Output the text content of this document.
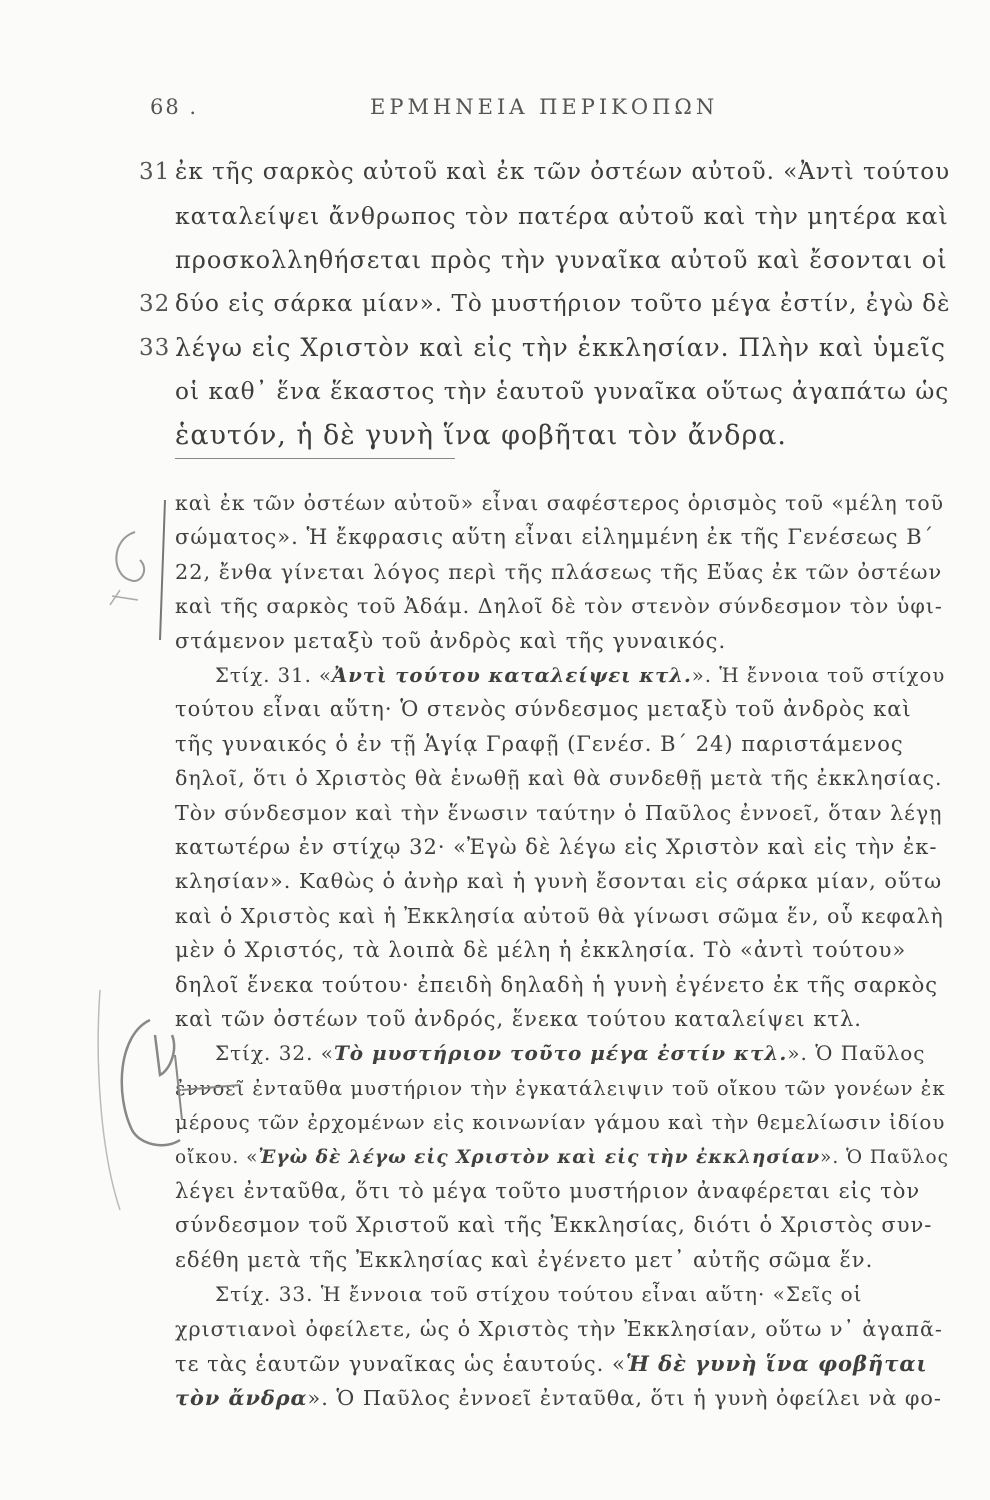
68 .	ΕΡΜΗΝΕΙΑ ΠΕΡΙΚΟΠΩΝ
31 ἐκ τῆς σαρκὸς αὐτοῦ καὶ ἐκ τῶν ὀστέων αὐτοῦ. «Ἀντὶ τούτου
καταλείψει ἄνθρωπος τὸν πατέρα αὐτοῦ καὶ τὴν μητέρα καὶ
προσκολληθήσεται πρὸς τὴν γυναῖκα αὐτοῦ καὶ ἔσονται οἱ
32 δύο εἰς σάρκα μίαν». Τὸ μυστήριον τοῦτο μέγα ἐστίν, ἐγὼ δὲ
33 λέγω εἰς Χριστὸν καὶ εἰς τὴν ἐκκλησίαν. Πλὴν καὶ ὑμεῖς
οἱ καθ᾽ ἕνα ἕκαστος τὴν ἑαυτοῦ γυναῖκα οὕτως ἀγαπάτω ὡς
ἑαυτόν, ἡ δὲ γυνὴ ἵνα φοβῆται τὸν ἄνδρα.
καὶ ἐκ τῶν ὀστέων αὐτοῦ» εἶναι σαφέστερος ὁρισμὸς τοῦ «μέλη τοῦ
σώματος». Ἡ ἔκφρασις αὕτη εἶναι εἰλημμένη ἐκ τῆς Γενέσεως Β´
22, ἔνθα γίνεται λόγος περὶ τῆς πλάσεως τῆς Εὔας ἐκ τῶν ὀστέων
καὶ τῆς σαρκὸς τοῦ Ἀδάμ. Δηλοῖ δὲ τὸν στενὸν σύνδεσμον τὸν ὑφι-
στάμενον μεταξὺ τοῦ ἀνδρὸς καὶ τῆς γυναικός.
Στίχ. 31. «Ἀντὶ τούτου καταλείψει κτλ.». Ἡ ἔννοια τοῦ στίχου
τούτου εἶναι αὕτη· Ὁ στενὸς σύνδεσμος μεταξὺ τοῦ ἀνδρὸς καὶ
τῆς γυναικός ὁ ἐν τῇ Ἁγίᾳ Γραφῇ (Γενέσ. Β´ 24) παριστάμενος
δηλοῖ, ὅτι ὁ Χριστὸς θὰ ἑνωθῇ καὶ θὰ συνδεθῇ μετὰ τῆς ἐκκλησίας.
Τὸν σύνδεσμον καὶ τὴν ἕνωσιν ταύτην ὁ Παῦλος ἐννοεῖ, ὅταν λέγῃ
κατωτέρω ἐν στίχῳ 32· «Ἐγὼ δὲ λέγω εἰς Χριστὸν καὶ εἰς τὴν ἐκ-
κλησίαν». Καθὼς ὁ ἀνὴρ καὶ ἡ γυνὴ ἔσονται εἰς σάρκα μίαν, οὕτω
καὶ ὁ Χριστὸς καὶ ἡ Ἐκκλησία αὐτοῦ θὰ γίνωσι σῶμα ἕν, οὗ κεφαλὴ
μὲν ὁ Χριστός, τὰ λοιπὰ δὲ μέλη ἡ ἐκκλησία. Τὸ «ἀντὶ τούτου»
δηλοῖ ἕνεκα τούτου· ἐπειδὴ δηλαδὴ ἡ γυνὴ ἐγένετο ἐκ τῆς σαρκὸς
καὶ τῶν ὀστέων τοῦ ἀνδρός, ἕνεκα τούτου καταλείψει κτλ.
Στίχ. 32. «Τὸ μυστήριον τοῦτο μέγα ἐστίν κτλ.». Ὁ Παῦλος
ἐννοεῖ ἐνταῦθα μυστήριον τὴν ἐγκατάλειψιν τοῦ οἴκου τῶν γονέων ἐκ
μέρους τῶν ἐρχομένων εἰς κοινωνίαν γάμου καὶ τὴν θεμελίωσιν ἰδίου
οἴκου. «Ἐγὼ δὲ λέγω εἰς Χριστὸν καὶ εἰς τὴν ἐκκλησίαν». Ὁ Παῦλος
λέγει ἐνταῦθα, ὅτι τὸ μέγα τοῦτο μυστήριον ἀναφέρεται εἰς τὸν
σύνδεσμον τοῦ Χριστοῦ καὶ τῆς Ἐκκλησίας, διότι ὁ Χριστὸς συν-
εδέθη μετὰ τῆς Ἐκκλησίας καὶ ἐγένετο μετ᾽ αὐτῆς σῶμα ἕν.
Στίχ. 33. Ἡ ἔννοια τοῦ στίχου τούτου εἶναι αὕτη· «Σεῖς οἱ
χριστιανοὶ ὀφείλετε, ὡς ὁ Χριστὸς τὴν Ἐκκλησίαν, οὕτω ν᾽ ἀγαπᾶ-
τε τὰς ἑαυτῶν γυναῖκας ὡς ἑαυτούς. «Ἡ δὲ γυνὴ ἵνα φοβῆται
τὸν ἄνδρα». Ὁ Παῦλος ἐννοεῖ ἐνταῦθα, ὅτι ἡ γυνὴ ὀφείλει νὰ φο-
